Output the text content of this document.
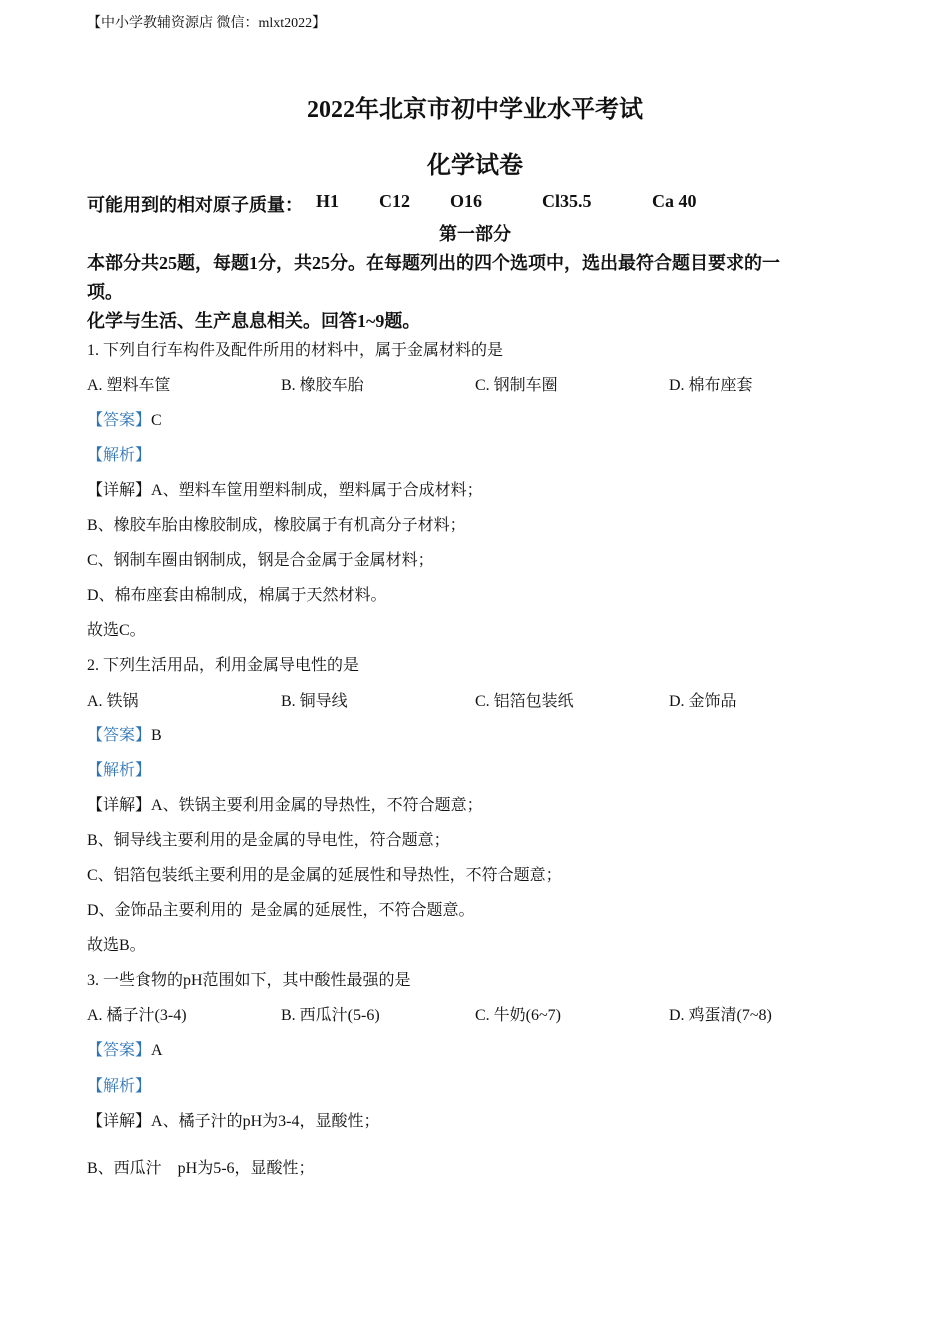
【中小学教辅资源店 微信：mlxt2022】
2022年北京市初中学业水平考试
化学试卷
可能用到的相对原子质量： H1 C12 O16	Cl35.5	Ca 40
第一部分
本部分共25题，每题1分，共25分。在每题列出的四个选项中，选出最符合题目要求的一
项。
化学与生活、生产息息相关。回答1~9题。
1. 下列自行车构件及配件所用的材料中，属于金属材料的是
A. 塑料车筐	B. 橡胶车胎	C. 钢制车圈	D. 棉布座套
【答案】C
【解析】
【详解】A、塑料车筐用塑料制成，塑料属于合成材料；
B、橡胶车胎由橡胶制成，橡胶属于有机高分子材料；
C、钢制车圈由钢制成，钢是合金属于金属材料；
D、棉布座套由棉制成，棉属于天然材料。
故选C。
2. 下列生活用品，利用金属导电性的是
A. 铁锅	B. 铜导线	C. 铝箔包装纸	D. 金饰品
【答案】B
【解析】
【详解】A、铁锅主要利用金属的导热性，不符合题意；
B、铜导线主要利用的是金属的导电性，符合题意；
C、铝箔包装纸主要利用的是金属的延展性和导热性，不符合题意；
D、金饰品主要利用的  是金属的延展性，不符合题意。
故选B。
3. 一些食物的pH范围如下，其中酸性最强的是
A. 橘子汁(3-4)	B. 西瓜汁(5-6)	C. 牛奶(6~7)	D. 鸡蛋清(7~8)
【答案】A
【解析】
【详解】A、橘子汁的pH为3-4，显酸性；
B、西瓜汁    pH为5-6，显酸性；
